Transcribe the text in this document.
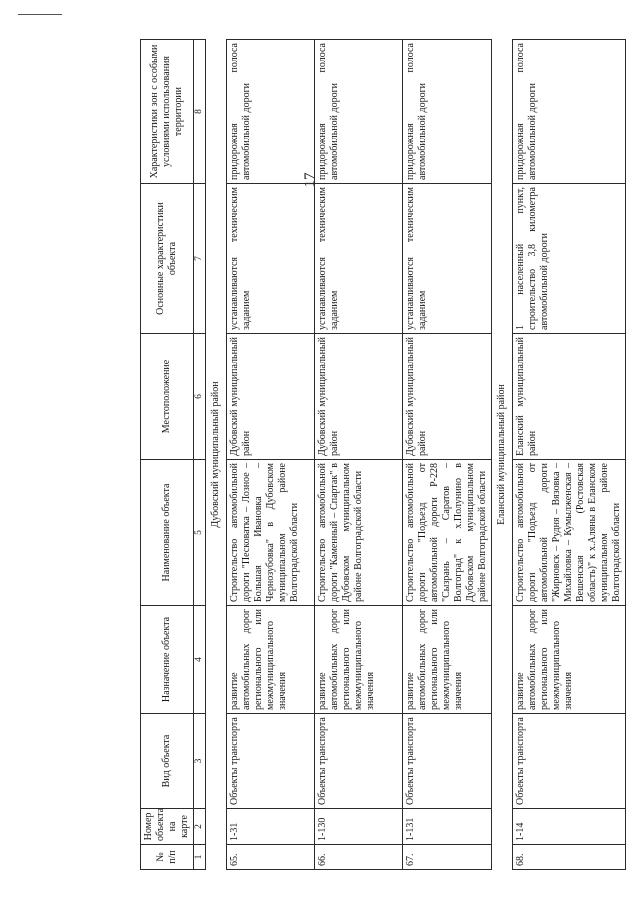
17
№ п/п	Номер объекта на карте	Вид объекта	Назначение объекта	Наименование объекта	Местоположение	Основные характеристики объекта	Характеристики зон с особыми условиями использования территории
1	2	3	4	5	6	7	8
Дубовский муниципальный район							
65.	1-31	Объекты транспорта	развитие автомобильных дорог регионального или межмуниципального значения	Строительство автомобильной дороги "Песковатка – Лозное – Большая Ивановка – Чернозубовка" в Дубовском муниципальном районе Волгоградской области	Дубовский муниципальный район	устанавливаются техническим заданием	придорожная полоса автомобильной дороги
66.	1-130	Объекты транспорта	развитие автомобильных дорог регионального или межмуниципального значения	Строительство автомобильной дороги "Каменный – Спартак" в Дубовском муниципальном районе Волгоградской области	Дубовский муниципальный район	устанавливаются техническим заданием	придорожная полоса автомобильной дороги
67.	1-131	Объекты транспорта	развитие автомобильных дорог регионального или межмуниципального значения	Строительство автомобильной дороги "Подъезд от автомобильной дороги Р-228 "Сызрань – Саратов – Волгоград" к х.Полунино в Дубовском муниципальном районе Волгоградской области	Дубовский муниципальный район	устанавливаются техническим заданием	придорожная полоса автомобильной дороги
Еланский муниципальный район							
68.	1-14	Объекты транспорта	развитие автомобильных дорог регионального или межмуниципального значения	Строительство автомобильной дороги "Подъезд от автомобильной дороги "Жирновск – Рудня – Вязовка – Михайловка – Кумылженская – Вешенская (Ростовская область)" к х.Аляны в Еланском муниципальном районе Волгоградской области	Еланский муниципальный район	1 населенный пункт, строительство 3,8 километра автомобильной дороги	придорожная полоса автомобильной дороги
